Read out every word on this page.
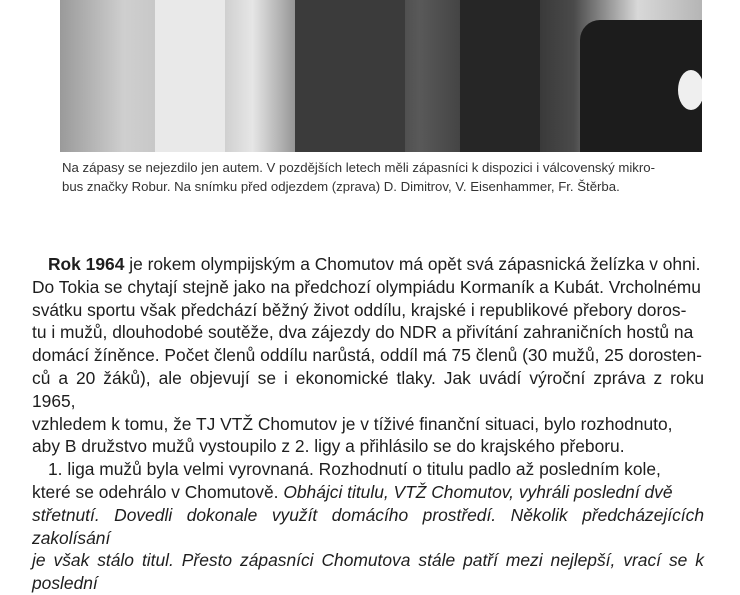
Na zápasy se nejezdilo jen autem. V pozdějších letech měli zápasníci k dispozici i válcovenský mikro-
bus značky Robur. Na snímku před odjezdem (zprava) D. Dimitrov, V. Eisenhammer, Fr. Štěrba.
Rok 1964 je rokem olympijským a Chomutov má opět svá zápasnická želízka v ohni.
Do Tokia se chytají stejně jako na předchozí olympiádu Kormaník a Kubát. Vrcholnému
svátku sportu však předchází běžný život oddílu, krajské i republikové přebory doros-
tu i mužů, dlouhodobé soutěže, dva zájezdy do NDR a přivítání zahraničních hostů na
domácí žíněnce. Počet členů oddílu narůstá, oddíl má 75 členů (30 mužů, 25 dorosten-
ců a 20 žáků), ale objevují se i ekonomické tlaky. Jak uvádí výroční zpráva z roku 1965,
vzhledem k tomu, že TJ VTŽ Chomutov je v tíživé finanční situaci, bylo rozhodnuto,
aby B družstvo mužů vystoupilo z 2. ligy a přihlásilo se do krajského přeboru.
1. liga mužů byla velmi vyrovnaná. Rozhodnutí o titulu padlo až posledním kole,
které se odehrálo v Chomutově. Obhájci titulu, VTŽ Chomutov, vyhráli poslední dvě
střetnutí. Dovedli dokonale využít domácího prostředí. Několik předcházejících zakolísání
je však stálo titul. Přesto zápasníci Chomutova stále patří mezi nejlepší, vrací se k poslední
